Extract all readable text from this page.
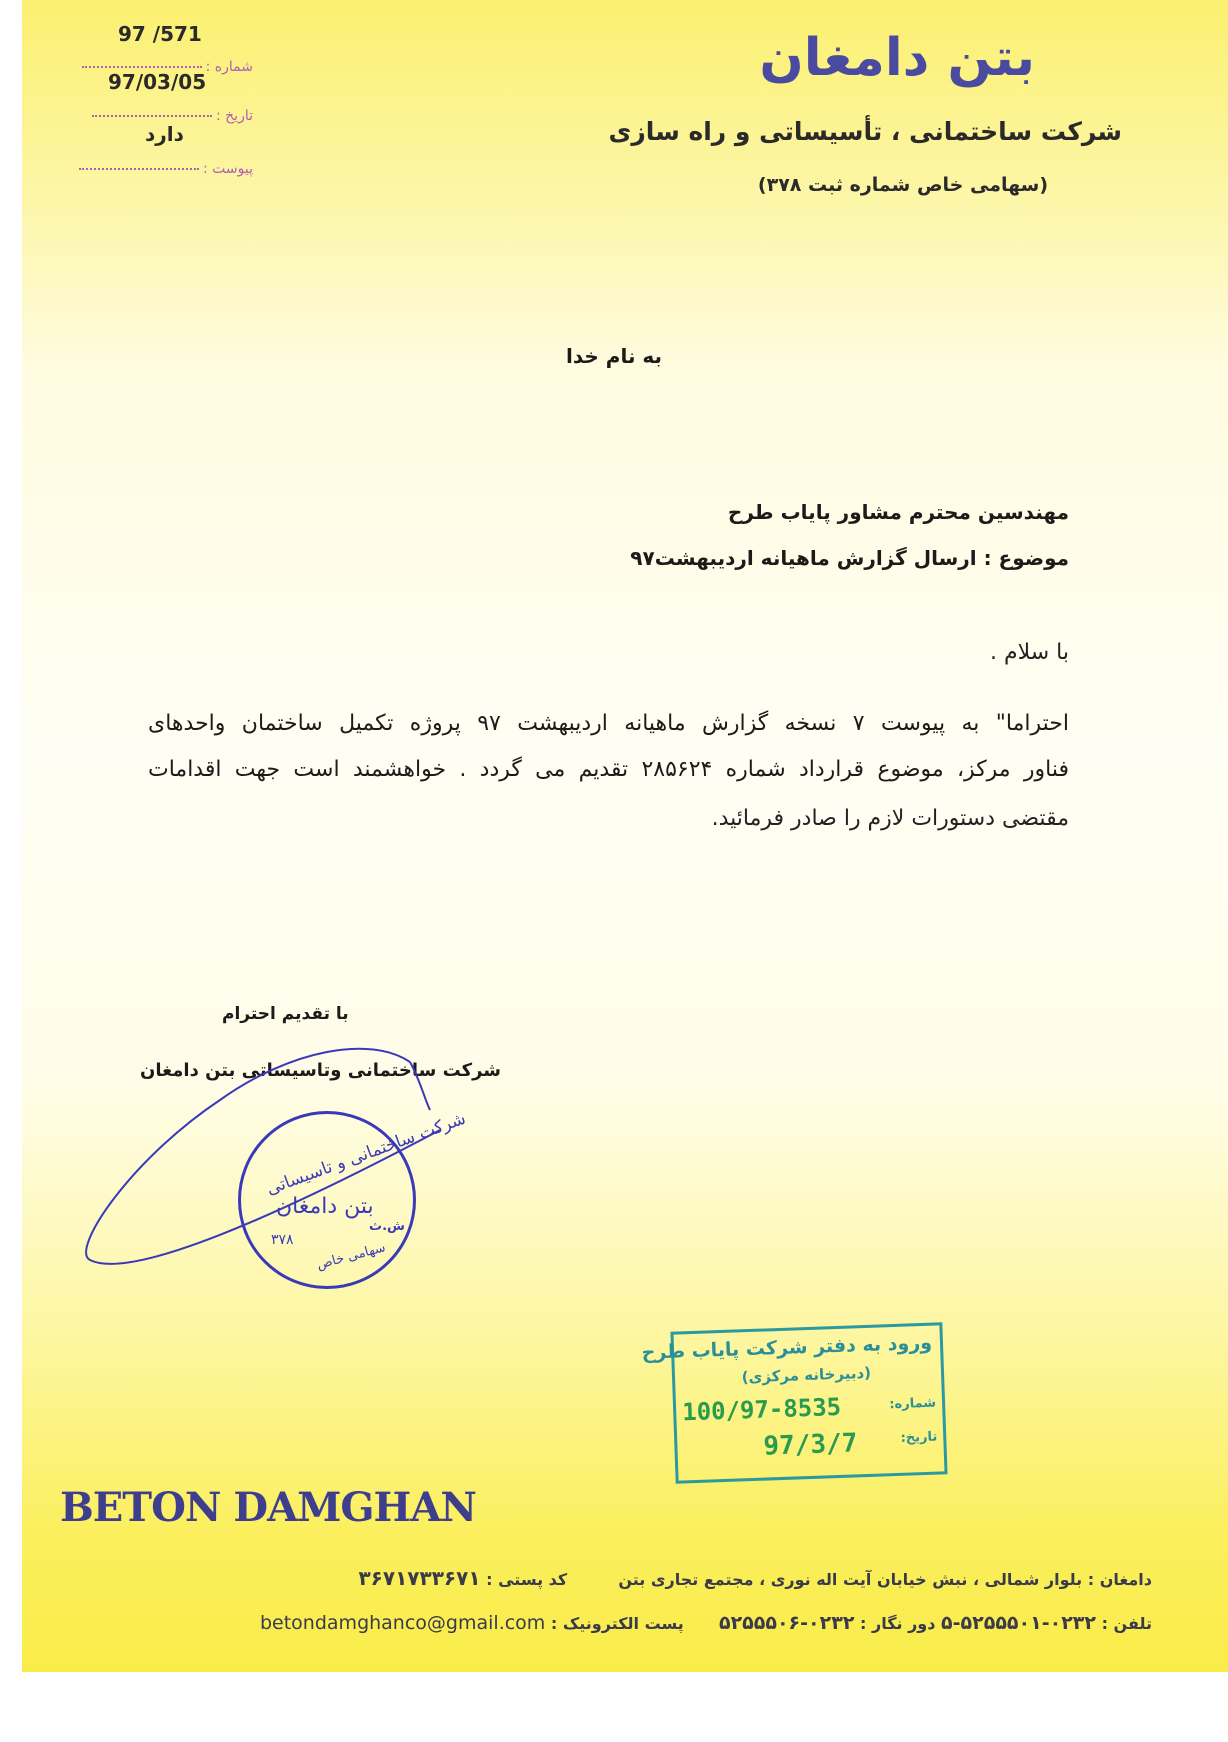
97 /571
شماره :
97/03/05
تاریخ :
دارد
پیوست :
بتن دامغان
شرکت ساختمانی ، تأسیساتی و راه سازی
(سهامی خاص شماره ثبت ۳۷۸)
به نام خدا
مهندسین محترم مشاور پایاب طرح
موضوع : ارسال گزارش ماهیانه اردیبهشت۹۷
با سلام .
احتراما" به پیوست ۷ نسخه گزارش ماهیانه اردیبهشت ۹۷ پروژه تکمیل ساختمان واحدهای
فناور مرکز، موضوع قرارداد شماره ۲۸۵۶۲۴ تقدیم می گردد . خواهشمند است جهت اقدامات
مقتضی دستورات لازم را صادر فرمائید.
با تقدیم احترام
شرکت ساختمانی وتاسیساتی بتن دامغان
شرکت ساختمانی و تاسیساتی
بتن دامغان
ش.ث
۳۷۸
سهامی خاص
ورود به دفتر شرکت پایاب طرح
(دبیرخانه مرکزی)
شماره:
100/97-8535
تاریخ:
97/3/7
BETON DAMGHAN
دامغان : بلوار شمالی ، نبش خیابان آیت اله نوری ، مجتمع تجاری بتن  کد پستی : ۳۶۷۱۷۳۳۶۷۱
تلفن : ۰۲۳۲-۵۲۵۵۵۰۱-۵ دور نگار : ۰۲۳۲-۵۲۵۵۵۰۶  پست الکترونیک : betondamghanco@gmail.com
